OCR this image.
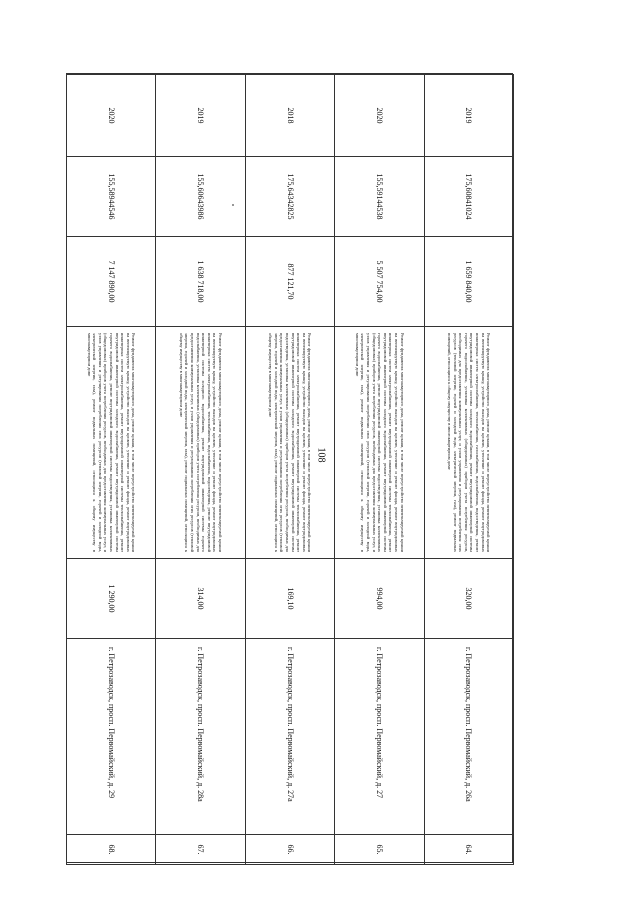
108
2019	175,60841024	1 659 840,00	Ремонт фундамента многоквартирного дома, ремонт крыши, в том числе переустройство невентилируемой крыши на вентилируемую крышу, устройство выходов на кровлю, утепление и ремонт фасада, ремонт внутридомовых инженерных систем электроснабжения, теплоснабжения, газоснабжения, водоснабжения, водоотведения, ремонт внутридомовой инженерной системы холодного водоснабжения, ремонт внутридомовой инженерной системы горячего водоснабжения, установка коллективных (общедомовых) приборов учета потребления ресурсов, необходимых для предоставления коммунальных услуг, и узлов управления и регулирования потребления этих ресурсов (тепловой энергии, горячей и холодной воды, электрической энергии, газа), ремонт подвальных помещений, относящихся к общему имуществу в многоквартирном доме	320,00	г. Петрозаводск, просп. Первомайский, д. 26а	64.
2020	155,59144538	5 507 754,00	Ремонт фундамента многоквартирного дома, ремонт крыши, в том числе переустройство невентилируемой крыши на вентилируемую крышу, устройство выходов на кровлю, утепление и ремонт фасада, ремонт внутридомовых инженерных систем электроснабжения, ремонт внутридомовой инженерной системы теплоснабжения, ремонт внутридомовой инженерной системы холодного водоснабжения, ремонт внутридомовой инженерной системы горячего водоснабжения, ремонт внутридомовой инженерной системы водоотведения, установка коллективных (общедомовых) приборов учета потребления ресурсов, необходимых для предоставления коммунальных услуг, и узлов управления и регулирования потребления этих ресурсов (тепловой энергии, горячей и холодной воды, электрической энергии, газа), ремонт подвальных помещений, относящихся к общему имуществу в многоквартирном доме	994,00	г. Петрозаводск, просп. Первомайский, д. 27	65.
2018	175,64342825	877 121,70	Ремонт фундамента многоквартирного дома, ремонт крыши, в том числе переустройство невентилируемой крыши на вентилируемую крышу, устройство выходов на кровлю, утепление и ремонт фасада, ремонт внутридомовых инженерных систем электроснабжения, ремонт внутридомовой инженерной системы теплоснабжения, ремонт внутридомовой инженерной системы холодного водоснабжения, ремонт внутридомовой инженерной системы водоотведения, установка коллективных (общедомовых) приборов учета потребления ресурсов, необходимых для предоставления коммунальных услуг, и узлов управления и регулирования потребления этих ресурсов (тепловой энергии, горячей и холодной воды, электрической энергии, газа), ремонт подвальных помещений, относящихся к общему имуществу в многоквартирном доме	169,10	г. Петрозаводск, просп. Первомайский, д. 27а	66.
2019	155,60643986	1 638 718,00	Ремонт фундамента многоквартирного дома, ремонт крыши, в том числе переустройство невентилируемой крыши на вентилируемую крышу, устройство выходов на кровлю, утепление и ремонт фасада, ремонт внутридомовых инженерных систем электроснабжения, теплоснабжения, водоснабжения, водоотведения, ремонт внутридомовой инженерной системы холодного водоснабжения, ремонт внутридомовой инженерной системы горячего водоснабжения, установка коллективных (общедомовых) приборов учета потребления ресурсов, необходимых для предоставления коммунальных услуг, и узлов управления и регулирования потребления этих ресурсов (тепловой энергии, горячей и холодной воды, электрической энергии, газа), ремонт подвальных помещений, относящихся к общему имуществу в многоквартирном доме	314,00	г. Петрозаводск, просп. Первомайский, д. 28а	67.
2020	155,58944546	7 147 890,00	Ремонт фундамента многоквартирного дома, ремонт крыши, в том числе переустройство невентилируемой крыши на вентилируемую крышу, устройство выходов на кровлю, утепление и ремонт фасада, ремонт внутридомовых инженерных систем электроснабжения, ремонт внутридомовой инженерной системы теплоснабжения, ремонт внутридомовой инженерной системы холодного водоснабжения, ремонт внутридомовой инженерной системы горячего водоснабжения, ремонт внутридомовой инженерной системы водоотведения, установка коллективных (общедомовых) приборов учета потребления ресурсов, необходимых для предоставления коммунальных услуг, и узлов управления и регулирования потребления этих ресурсов (тепловой энергии, горячей и холодной воды, электрической энергии, газа), ремонт подвальных помещений, относящихся к общему имуществу в многоквартирном доме	1 290,00	г. Петрозаводск, просп. Первомайский, д. 29	68.
